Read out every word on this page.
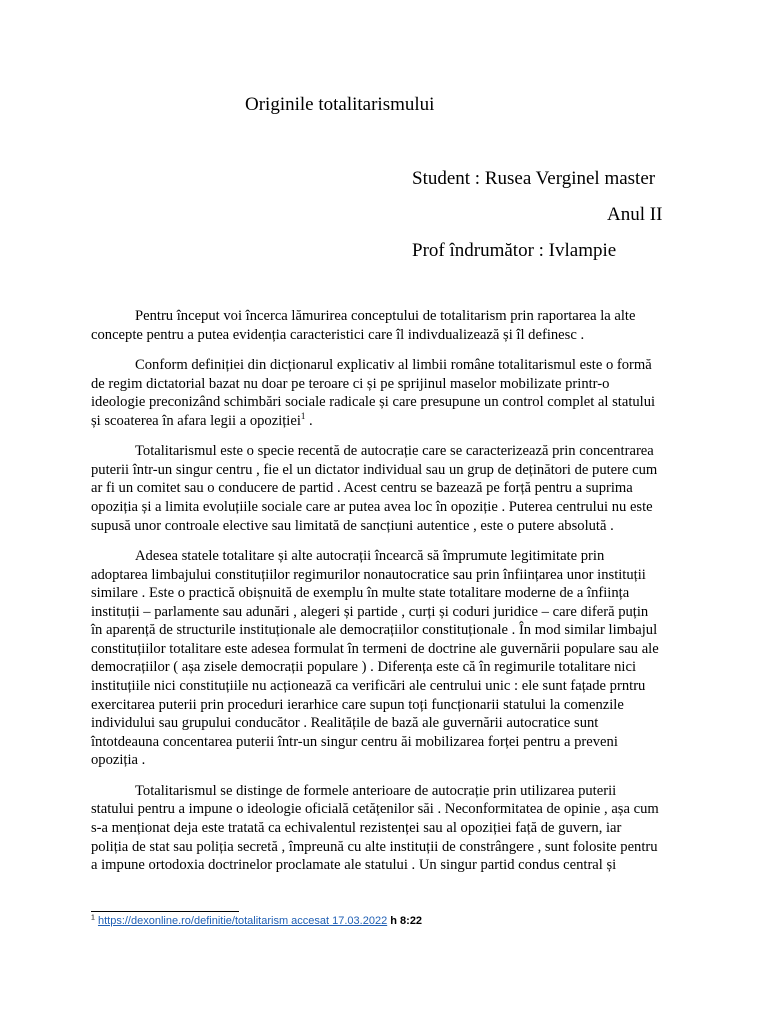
Originile totalitarismului
Student : Rusea Verginel master
Anul II
Prof îndrumător : Ivlampie

Pentru început voi încerca lămurirea conceptului de totalitarism prin raportarea la alte
concepte pentru a putea evidenția caracteristici care îl indivdualizează și îl definesc .

Conform definiției din dicționarul explicativ al limbii române totalitarismul este o formă
de regim dictatorial bazat nu doar pe teroare ci și pe sprijinul maselor mobilizate printr-o
ideologie preconizând schimbări sociale radicale și care presupune un control complet al statului
și scoaterea în afara legii a opoziției$^1$ .

Totalitarismul este o specie recentă de autocrație care se caracterizează prin concentrarea
puterii într-un singur centru , fie el un dictator individual sau un grup de deținători de putere cum
ar fi un comitet sau o conducere de partid . Acest centru se bazează pe forță pentru a suprima
opoziția și a limita evoluțiile sociale care ar putea avea loc în opoziție . Puterea centrului nu este
supusă unor controale elective sau limitată de sancțiuni autentice , este o putere absolută .

Adesea statele totalitare și alte autocrații încearcă să împrumute legitimitate prin
adoptarea limbajului constituțiilor regimurilor nonautocratice sau prin înființarea unor instituții
similare . Este o practică obișnuită de exemplu în multe state totalitare moderne de a înființa
instituții – parlamente sau adunări , alegeri și partide , curți și coduri juridice – care diferă puțin
în aparență de structurile instituționale ale democrațiilor constituționale . În mod similar limbajul
constituțiilor totalitare este adesea formulat în termeni de doctrine ale guvernării populare sau ale
democrațiilor ( așa zisele democrații populare ) . Diferența este că în regimurile totalitare nici
instituțiile nici constituțiile nu acționează ca verificări ale centrului unic : ele sunt fațade prntru
exercitarea puterii prin proceduri ierarhice care supun toți funcționarii statului la comenzile
individului sau grupului conducător . Realitățile de bază ale guvernării autocratice sunt
întotdeauna concentarea puterii într-un singur centru ăi mobilizarea forței pentru a preveni
opoziția .

Totalitarismul se distinge de formele anterioare de autocrație prin utilizarea puterii
statului pentru a impune o ideologie oficială cetățenilor săi . Neconformitatea de opinie , așa cum
s-a menționat deja este tratată ca echivalentul rezistenței sau al opoziției față de guvern, iar
poliția de stat sau poliția secretă , împreună cu alte instituții de constrângere , sunt folosite pentru
a impune ortodoxia doctrinelor proclamate ale statului . Un singur partid condus central și

$^1$ https://dexonline.ro/definitie/totalitarism accesat 17.03.2022 h 8:22
